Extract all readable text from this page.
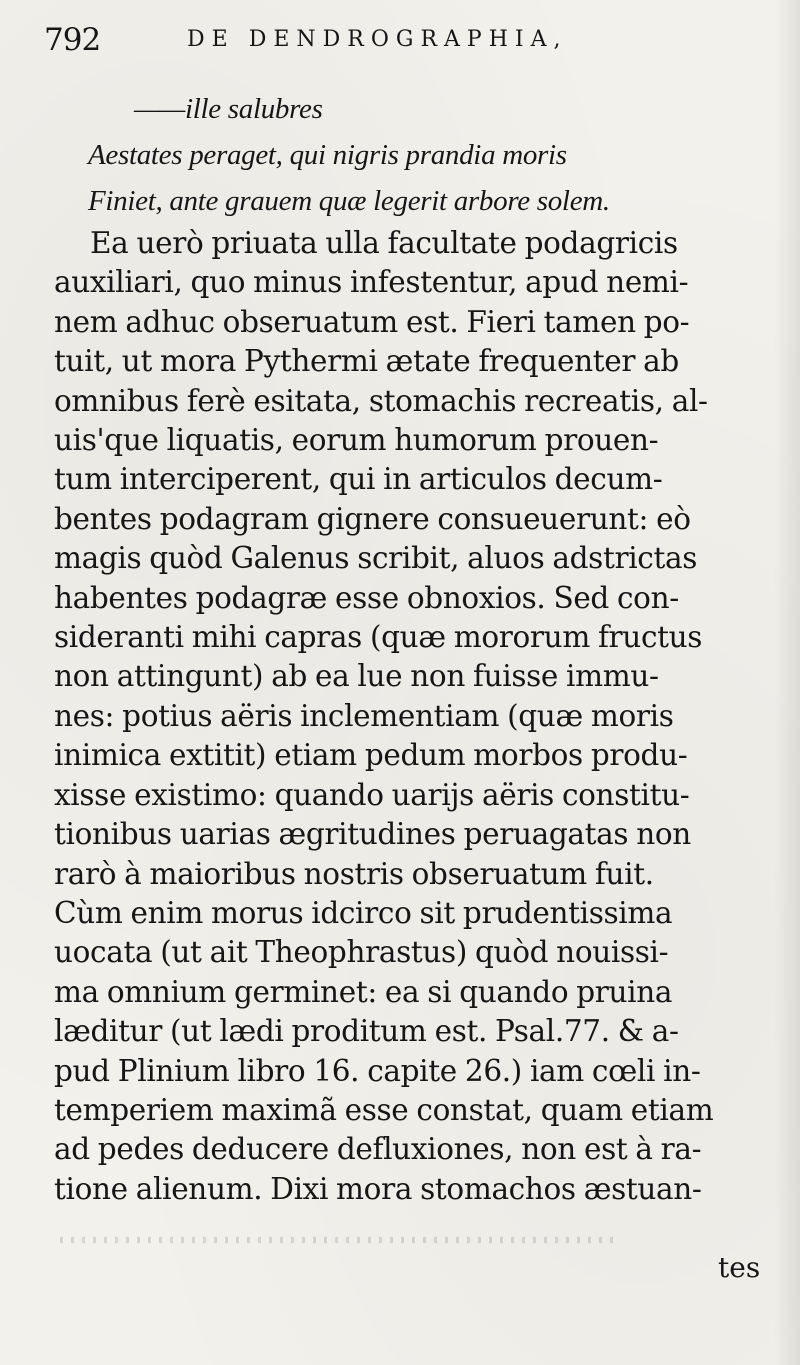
792	DE DENDROGRAPHIA,
——ille salubres
Aestates peraget, qui nigris prandia moris
Finiet, ante grauem quæ legerit arbore solem.
Ea uerò priuata ulla facultate podagricis
auxiliari, quo minus infestentur, apud nemi-
nem adhuc obseruatum est. Fieri tamen po-
tuit, ut mora Pythermi ætate frequenter ab
omnibus ferè esitata, stomachis recreatis, al-
uis'que liquatis, eorum humorum prouen-
tum interciperent, qui in articulos decum-
bentes podagram gignere consueuerunt: eò
magis quòd Galenus scribit, aluos adstrictas
habentes podagræ esse obnoxios. Sed con-
sideranti mihi capras (quæ mororum fructus
non attingunt) ab ea lue non fuisse immu-
nes: potius aëris inclementiam (quæ moris
inimica extitit) etiam pedum morbos produ-
xisse existimo: quando uarijs aëris constitu-
tionibus uarias ægritudines peruagatas non
rarò à maioribus nostris obseruatum fuit.
Cùm enim morus idcirco sit prudentissima
uocata (ut ait Theophrastus) quòd nouissi-
ma omnium germinet: ea si quando pruina
læditur (ut lædi proditum est. Psal.77. & a-
pud Plinium libro 16. capite 26.) iam cœli in-
temperiem maximã esse constat, quam etiam
ad pedes deducere defluxiones, non est à ra-
tione alienum. Dixi mora stomachos æstuan-
tes
